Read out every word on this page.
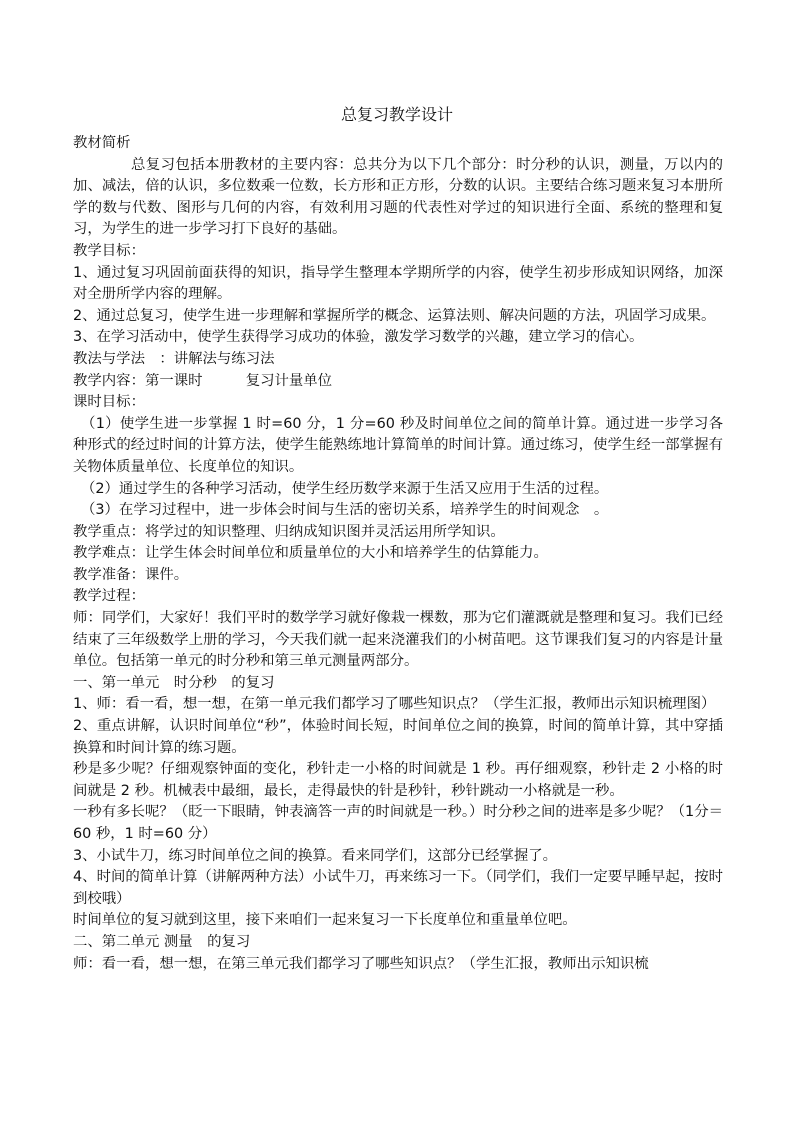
总复习教学设计

教材简析

总复习包括本册教材的主要内容：总共分为以下几个部分：时分秒的认识，测量，万以内的加、减法，倍的认识，多位数乘一位数，长方形和正方形，分数的认识。主要结合练习题来复习本册所学的数与代数、图形与几何的内容，有效利用习题的代表性对学过的知识进行全面、系统的整理和复习，为学生的进一步学习打下良好的基础。

教学目标：

1、通过复习巩固前面获得的知识，指导学生整理本学期所学的内容，使学生初步形成知识网络，加深对全册所学内容的理解。

2、通过总复习，使学生进一步理解和掌握所学的概念、运算法则、解决问题的方法，巩固学习成果。

3、在学习活动中，使学生获得学习成功的体验，激发学习数学的兴趣，建立学习的信心。

教法与学法　：讲解法与练习法

教学内容：第一课时　　　复习计量单位

课时目标：

（1）使学生进一步掌握 1 时=60 分，1 分=60 秒及时间单位之间的简单计算。通过进一步学习各种形式的经过时间的计算方法，使学生能熟练地计算简单的时间计算。通过练习，使学生经一部掌握有关物体质量单位、长度单位的知识。

（2）通过学生的各种学习活动，使学生经历数学来源于生活又应用于生活的过程。

（3）在学习过程中，进一步体会时间与生活的密切关系，培养学生的时间观念　。

教学重点：将学过的知识整理、归纳成知识图并灵活运用所学知识。

教学难点：让学生体会时间单位和质量单位的大小和培养学生的估算能力。

教学准备：课件。

教学过程：

师：同学们，大家好！我们平时的数学学习就好像栽一棵数，那为它们灌溉就是整理和复习。我们已经结束了三年级数学上册的学习，今天我们就一起来浇灌我们的小树苗吧。这节课我们复习的内容是计量单位。包括第一单元的时分秒和第三单元测量两部分。

一、第一单元　时分秒　的复习

1、师：看一看，想一想，在第一单元我们都学习了哪些知识点？（学生汇报，教师出示知识梳理图）

2、重点讲解，认识时间单位“秒”，体验时间长短，时间单位之间的换算，时间的简单计算，其中穿插换算和时间计算的练习题。

秒是多少呢？仔细观察钟面的变化，秒针走一小格的时间就是 1 秒。再仔细观察，秒针走 2 小格的时间就是 2 秒。机械表中最细，最长，走得最快的针是秒针，秒针跳动一小格就是一秒。

一秒有多长呢？（眨一下眼睛，钟表滴答一声的时间就是一秒。）时分秒之间的进率是多少呢？（1分＝60 秒，1 时=60 分）

3、小试牛刀，练习时间单位之间的换算。看来同学们，这部分已经掌握了。

4、时间的简单计算（讲解两种方法）小试牛刀，再来练习一下。（同学们，我们一定要早睡早起，按时到校哦）

时间单位的复习就到这里，接下来咱们一起来复习一下长度单位和重量单位吧。

二、第二单元 测量　的复习

师：看一看，想一想，在第三单元我们都学习了哪些知识点？（学生汇报，教师出示知识梳
